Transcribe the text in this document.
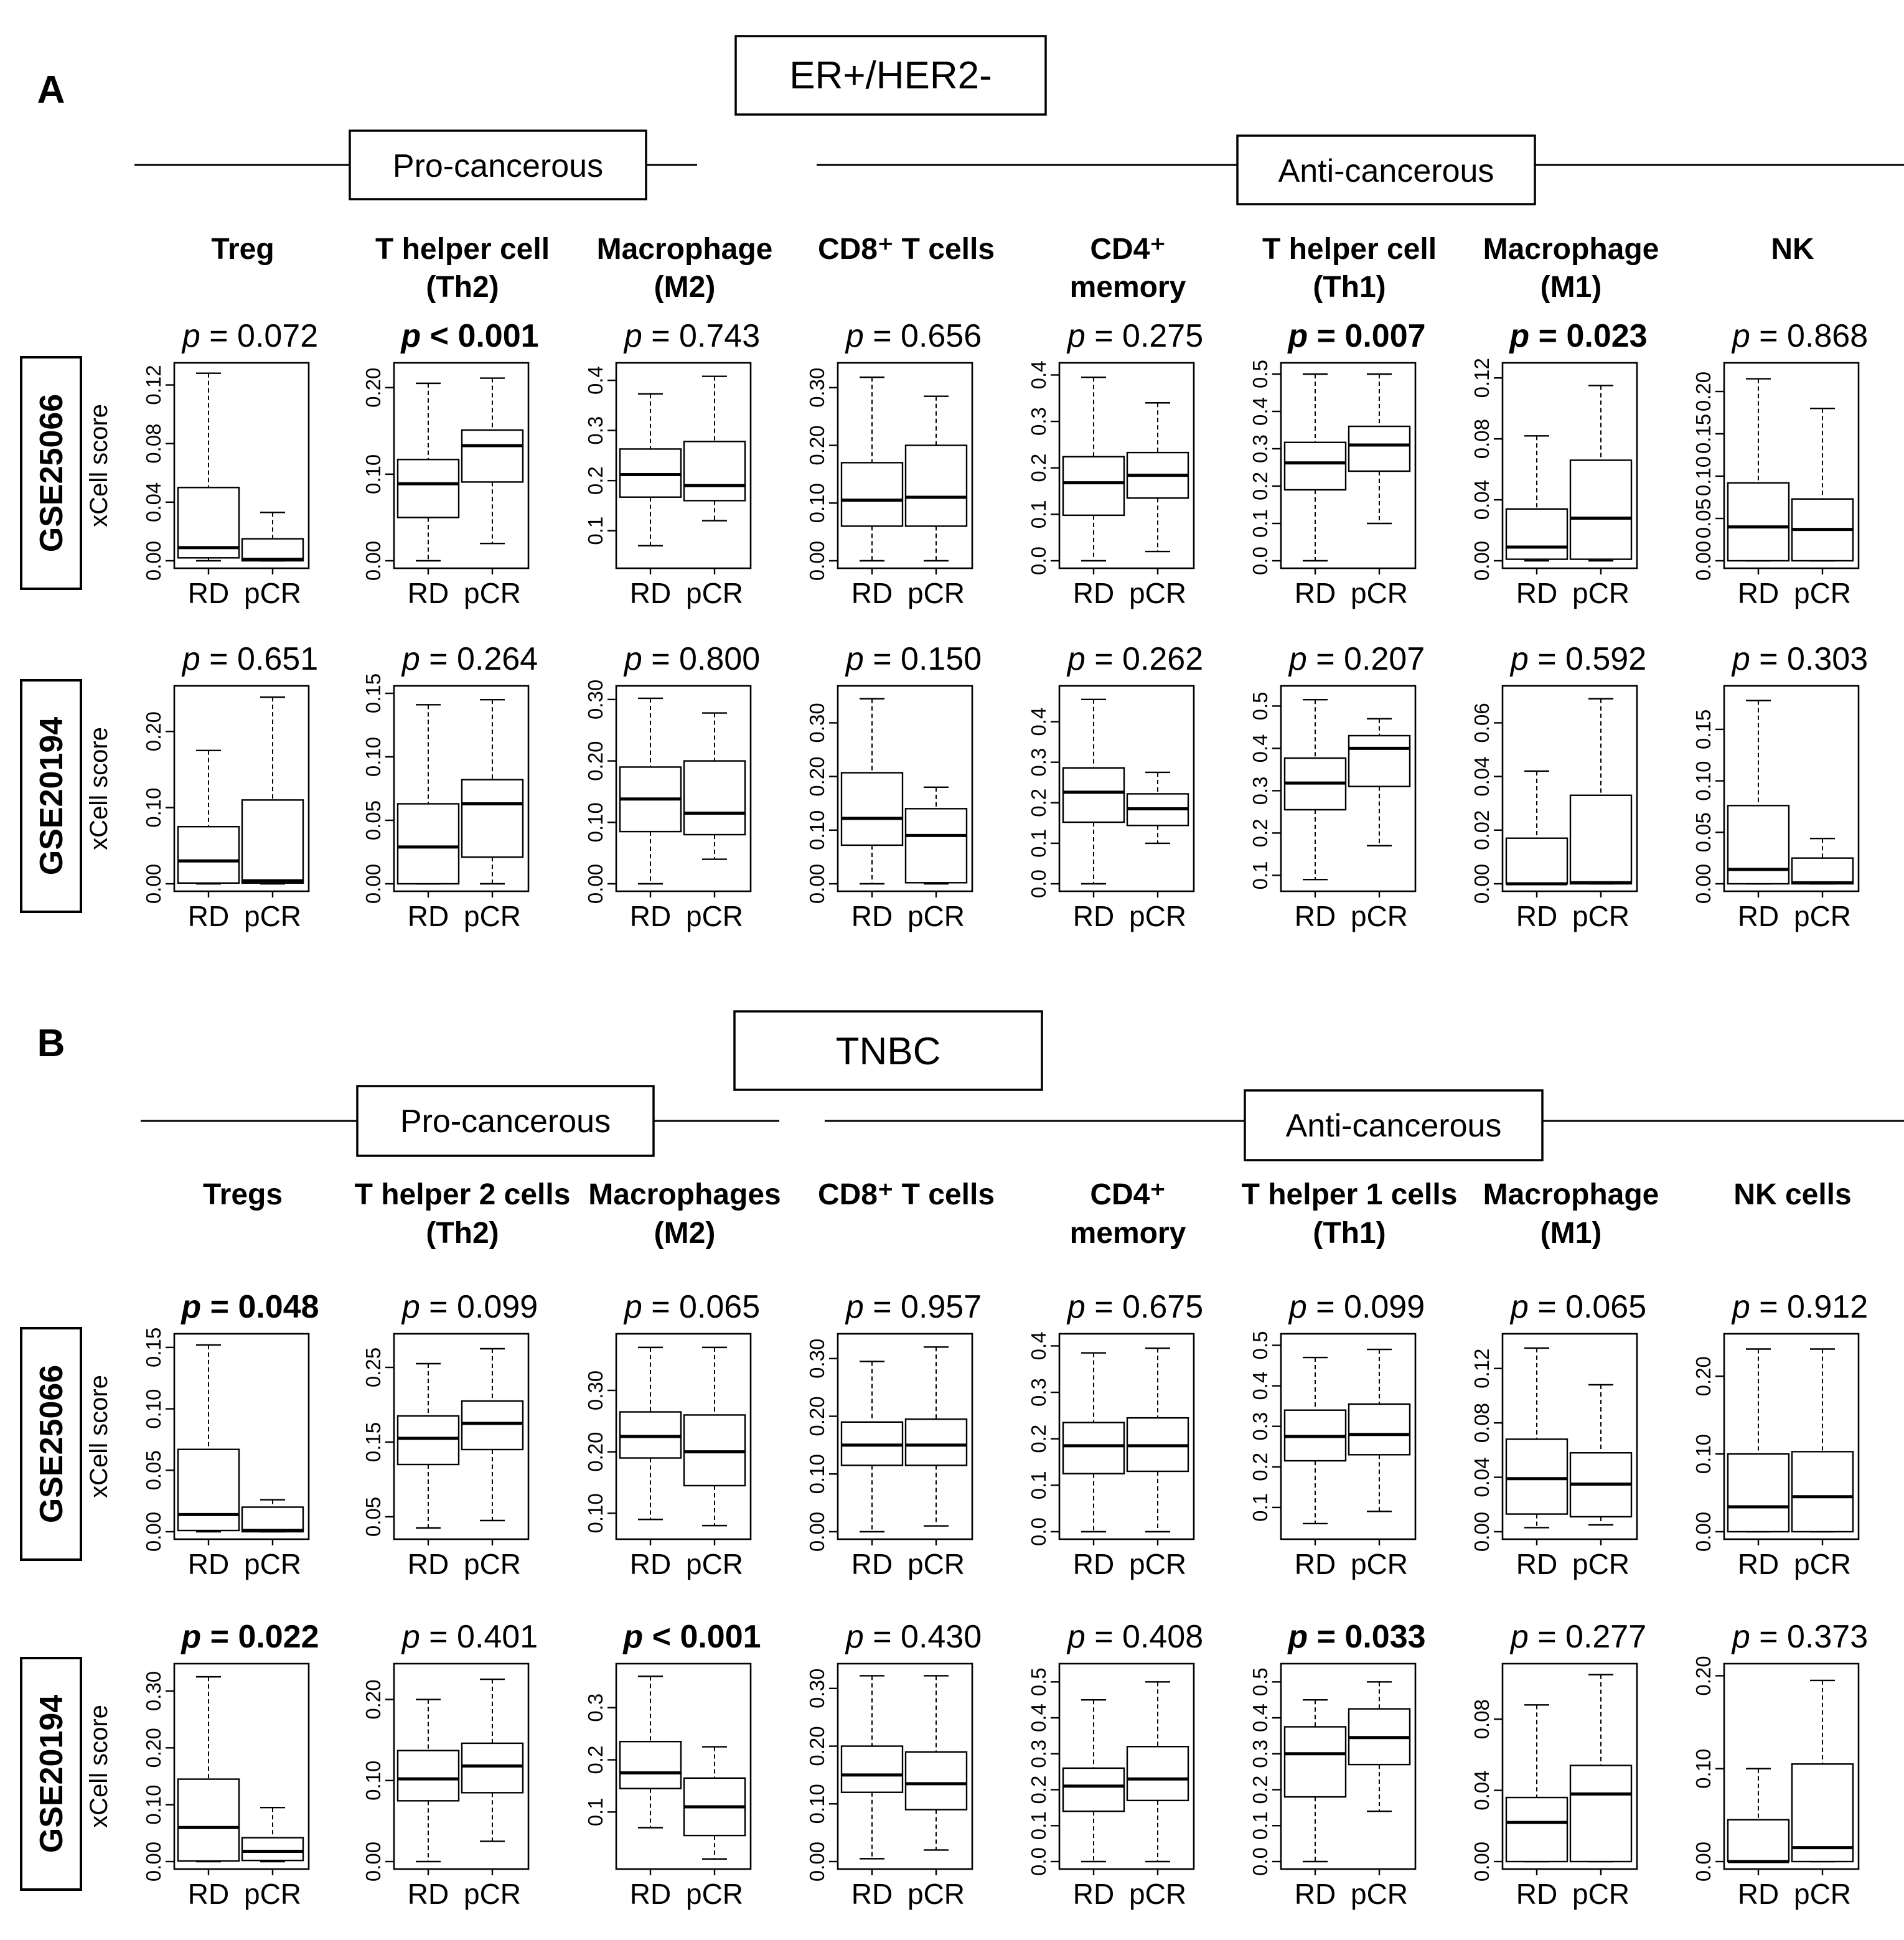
A	ER+/HER2-
Pro-cancerous	Anti-cancerous
Treg	T helper cell
(Th2)
Macrophage
(M2)
CD8⁺ T cells	CD4⁺
memory
T helper cell
(Th1)
Macrophage
(M1)
NK
GSE25066 xCell score
GSE20194 xCell score
B	TNBC
Pro-cancerous	Anti-cancerous
Tregs T helper 2 cells
(Th2)
Macrophages
(M2)
CD8⁺ T cells	CD4⁺
memory
T helper 1 cells
(Th1)
Macrophage
(M1)
NK cells
GSE25066 xCell score
GSE20194 xCell score
p = 0.072
0.00
0.04
0.08
0.12
RD pCR
p < 0.001
0.00
0.10
0.20
RD pCR
p = 0.743
0.1
0.2
0.3
0.4
RD pCR
p = 0.656
0.00
0.10
0.20
0.30
RD pCR
p = 0.275
0.0
0.1
0.2
0.3
0.4
RD pCR
p = 0.007
0.0
0.1
0.2
0.3
0.4
0.5
RD pCR
p = 0.023
0.00
0.04
0.08
0.12
RD pCR
p = 0.868
0.00
0.05
0.10
0.15
0.20
RD pCR
p = 0.651
0.00
0.10
0.20
RD pCR
p = 0.264
0.00
0.05
0.10
0.15
RD pCR
p = 0.800
0.00
0.10
0.20
0.30
RD pCR
p = 0.150
0.00
0.10
0.20
0.30
RD pCR
p = 0.262
0.0
0.1
0.2
0.3
0.4
RD pCR
p = 0.207
0.1
0.2
0.3
0.4
0.5
RD pCR
p = 0.592
0.00
0.02
0.04
0.06
RD pCR
p = 0.303
0.00
0.05
0.10
0.15
RD pCR
p = 0.048
0.00
0.05
0.10
0.15
RD pCR
p = 0.099
0.05
0.15
0.25
RD pCR
p = 0.065
0.10
0.20
0.30
RD pCR
p = 0.957
0.00
0.10
0.20
0.30
RD pCR
p = 0.675
0.0
0.1
0.2
0.3
0.4
RD pCR
p = 0.099
0.1
0.2
0.3
0.4
0.5
RD pCR
p = 0.065
0.00
0.04
0.08
0.12
RD pCR
p = 0.912
0.00
0.10
0.20
RD pCR
p = 0.022
0.00
0.10
0.20
0.30
RD pCR
p = 0.401
0.00
0.10
0.20
RD pCR
p < 0.001
0.1
0.2
0.3
RD pCR
p = 0.430
0.00
0.10
0.20
0.30
RD pCR
p = 0.408
0.0
0.1
0.2
0.3
0.4
0.5
RD pCR
p = 0.033
0.0
0.1
0.2
0.3
0.4
0.5
RD pCR
p = 0.277
0.00
0.04
0.08
RD pCR
p = 0.373
0.00
0.10
0.20
RD pCR
